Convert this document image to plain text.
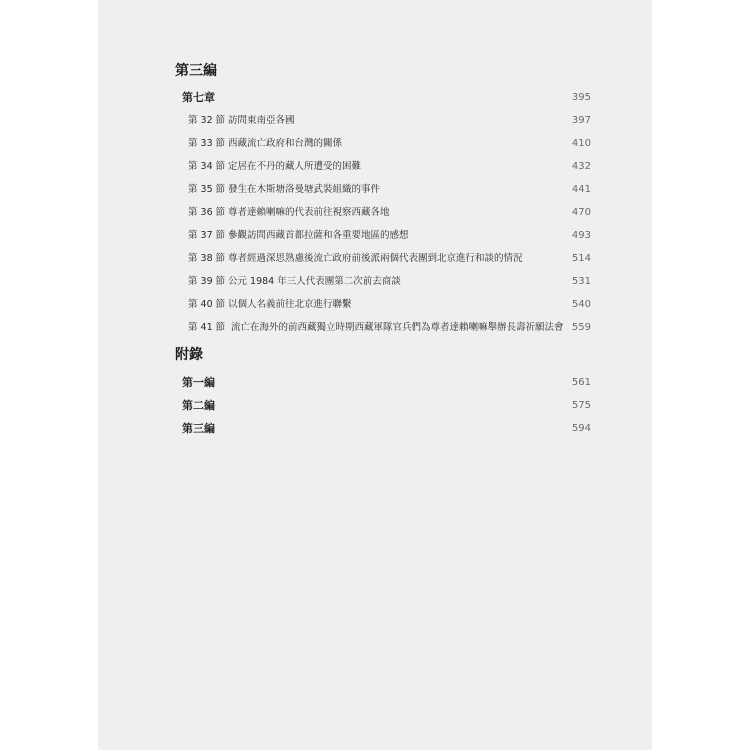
第三編
第七章	395
第 32 節 訪問東南亞各國	397
第 33 節 西藏流亡政府和台灣的關係	410
第 34 節 定居在不丹的藏人所遭受的困難	432
第 35 節 發生在木斯塘洛曼塘武裝組織的事件	441
第 36 節 尊者達賴喇嘛的代表前往視察西藏各地	470
第 37 節 參觀訪問西藏首都拉薩和各重要地區的感想	493
第 38 節 尊者經過深思熟慮後流亡政府前後派兩個代表團到北京進行和談的情況	514
第 39 節 公元 1984 年三人代表團第二次前去商談	531
第 40 節 以個人名義前往北京進行聯繫	540
第 41 節 流亡在海外的前西藏獨立時期西藏軍隊官兵們為尊者達賴喇嘛舉辦長壽祈願法會 559
附錄
第一編	561
第二編	575
第三編	594
